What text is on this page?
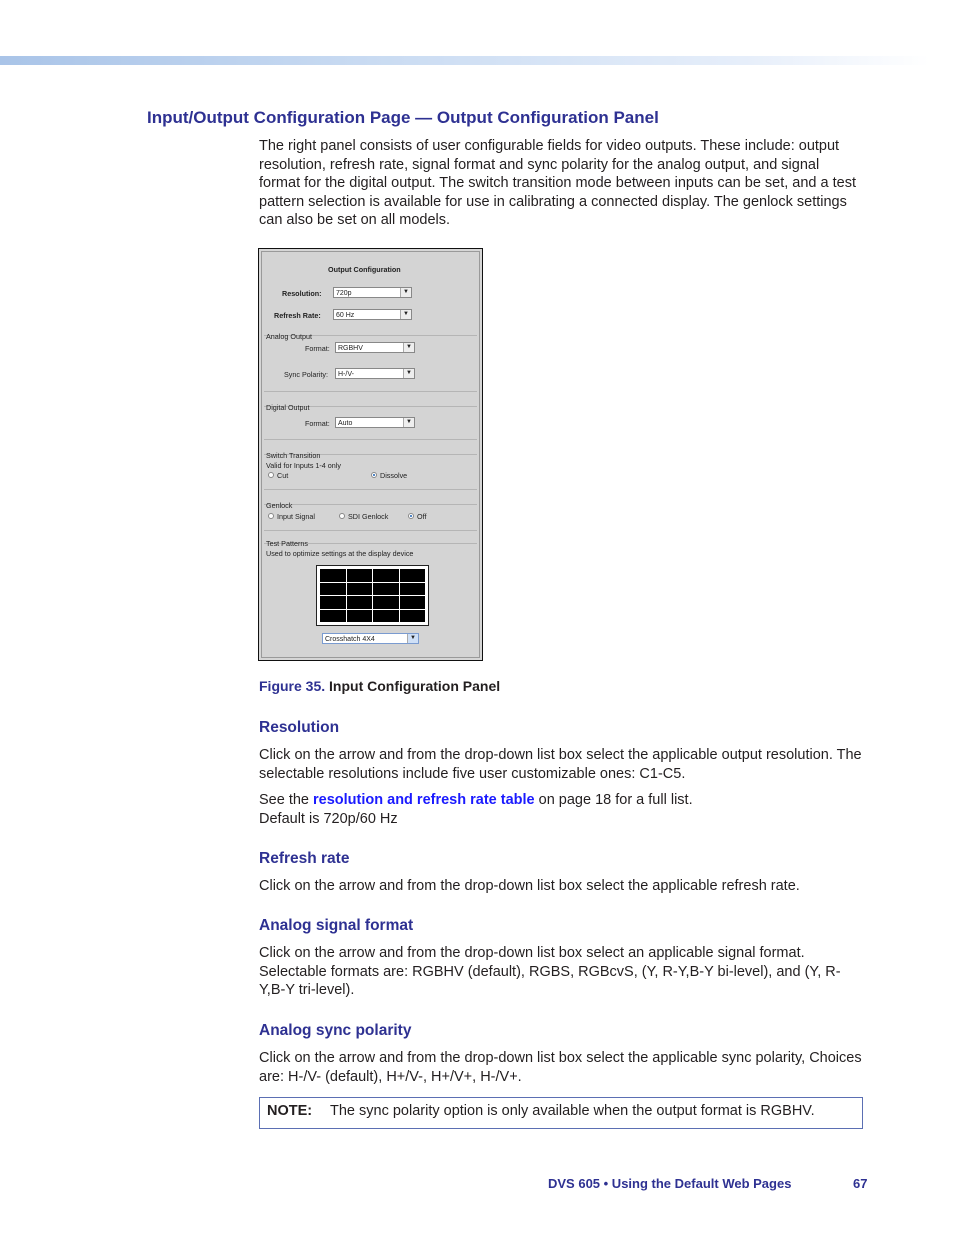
Input/Output Configuration Page — Output Configuration Panel

The right panel consists of user configurable fields for video outputs. These include: output resolution, refresh rate, signal format and sync polarity for the analog output, and signal format for the digital output. The switch transition mode between inputs can be set, and a test pattern selection is available for use in calibrating a connected display. The genlock settings can also be set on all models.

Output Configuration
Resolution:	720p	▼
Refresh Rate:	60 Hz	▼
Analog Output
Format:	RGBHV	▼
Sync Polarity:	H-/V-	▼
Digital Output
Format:	Auto	▼
Switch Transition
Valid for Inputs 1-4 only
Cut	Dissolve
Genlock
Input Signal	SDI Genlock	Off
Test Patterns
Used to optimize settings at the display device
Crosshatch 4X4	▼

Figure 35. Input Configuration Panel

Resolution

Click on the arrow and from the drop-down list box select the applicable output resolution. The selectable resolutions include five user customizable ones: C1-C5.

See the resolution and refresh rate table on page 18 for a full list.
Default is 720p/60 Hz

Refresh rate

Click on the arrow and from the drop-down list box select the applicable refresh rate.

Analog signal format

Click on the arrow and from the drop-down list box select an applicable signal format. Selectable formats are: RGBHV (default), RGBS, RGBcvS, (Y, R-Y,B-Y bi-level), and (Y, R-Y,B-Y tri-level).

Analog sync polarity

Click on the arrow and from the drop-down list box select the applicable sync polarity, Choices are: H-/V- (default), H+/V-, H+/V+, H-/V+.

NOTE: The sync polarity option is only available when the output format is RGBHV.

DVS 605 • Using the Default Web Pages	67
